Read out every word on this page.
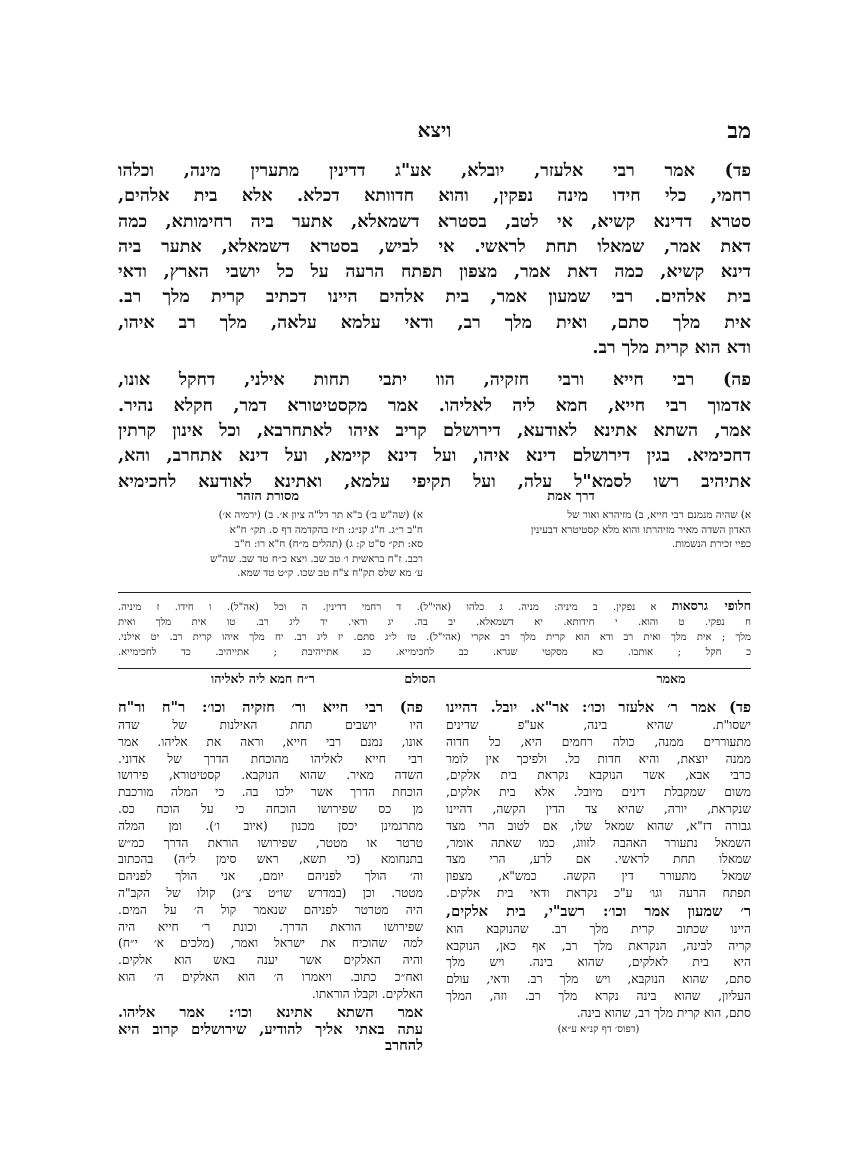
מב
ויצא

פד) אמר רבי אלעזר, יובלא, אע"ג דדינין מתערין מינה, וכלהו

רחמי, כלי חידו מינה נפקין, והוא חדוותא דכלא. אלא בית אלהים,

סטרא דדינא קשיא, אי לטב, בסטרא דשמאלא, אתער ביה רחימותא, כמה

דאת אמר, שמאלו תחת לראשי. אי לביש, בסטרא דשמאלא, אתער ביה

דינא קשיא, כמה דאת אמר, מצפון תפתח הרעה על כל יושבי הארץ, ודאי

בית אלהים. רבי שמעון אמר, בית אלהים היינו דכתיב קרית מלך רב.

אית מלך סתם, ואית מלך רב, ודאי עלמא עלאה, מלך רב איהו,

ודא הוא קרית מלך רב.

פה) רבי חייא ורבי חזקיה, הוו יתבי תחות אילני, דחקל אונו,

אדמוך רבי חייא, חמא ליה לאליהו. אמר מקסטיטורא דמר, חקלא נהיר.

אמר, השתא אתינא לאודעא, דירושלם קריב איהו לאתחרבא, וכל אינון קרתין

דחכימיא. בגין דירושלם דינא איהו, ועל דינא קיימא, ועל דינא אתחרב, והא,

אתיהיב רשו לסמא"ל עלה, ועל תקיפי עלמא, ואתינא לאודעא לחכימיא

דרך אמת

א) שהיה מנמנם רבי חייא, ב) מזיהרא ואור של

האדון השדה מאיר מזיהרתו והוא מלא קסטיטרא דבעינין

כפיי זכירת הנשמות.

מסורת הזהר

א) (שה"ש ב׳) ב"א תר דל"ה ציון א׳. ב) (ירמיה א׳)

ח"ב ר״ג. ח"ג קנ״ג: ת״ז בהקדמה דף ס. תק״ ח"א

סא: תק״ ס"ט ק: ג) (תהלים מ״ח) ח"א רו: ח"ב

רכב. ז"ח בראשית ו׳ טב שב. ויצא כ״ח טד שב. שה"ש

ע׳ מא שלס תק"ח צ"ח טב שכו. ק״ט טד שמא.

חלופי גרסאות א נפקין. ב מיניה: מניה. ג כלהו (אהי"ל). ד רחמי דדינין. ה וכל (אה"ל). ו חידו. ז מיניה.

ח נפקי. ט והוא. י חידותא. יא דשמאלא. יב בה. יג ודאי. יד ליג רב. טו אית מלך ואית

מלך ; אית מלך ואית רב ודא הוא קרית מלך רב אקרי (אהי"ל). טז ל״ג סתם. יז ליג רב. יח מלך איהו קרית רב. יט אילני.

כ חקל ; אותבו. כא מסקטי שגרא. כב לחכימייא. כג אתייהיבת ; אתייהיב. כד לחכימייא.

מאמר
הסולם
ר״ח חמא ליה לאליהו

פד) אמר ר׳ אלעזר וכו׳: אר"א. יובל. דהיינו

ישסו"ת. שהיא בינה, אע"פ שדינים

מתעוררים ממנה, כולה רחמים היא, כל חדוה

ממנה יוצאת, והיא חדות כל. ולפיכך אין לומר

כרבי אבא, אשר הנוקבא נקראת בית אלקים,

משום שמקבלת דינים מיובל. אלא בית אלקים,

שנקראת, יורה, שהיא צד הדין הקשה, דהיינו

גבורה דז"א, שהוא שמאל שלו, אם לטוב הרי מצד

השמאל נתעורר האהבה לזווג, כמו שאתה אומר,

שמאלו תחת לראשי. אם לרע, הרי מצד

שמאל מתעורר דין הקשה. כמש"א, מצפון

תפתח הרעה וגו׳ ע"כ נקראת ודאי בית אלקים.

ר׳ שמעון אמר וכו׳: רשב"י, בית אלקים,

היינו שכתוב קרית מלך רב. שהנוקבא הוא

קריה לבינה, הנקראת מלך רב, אף כאן, הנוקבא

היא בית לאלקים, שהוא בינה. ויש מלך

סתם, שהוא הנוקבא, ויש מלך רב. ודאי, עולם

העליון, שהוא בינה נקרא מלך רב. וזה, המלך

סתם, הוא קרית מלך רב, שהוא בינה.

(דפוס׳ דף קנ״א ע״א)

פה) רבי חייא ור׳ חזקיה וכו׳: ר"ח ור"ח

היו יושבים תחת האילנות של שדה

אונו, נמנם רבי חייא, וראה את אליהו. אמר

רבי חייא לאליהו מהוכחת הדרך של אדוני.

השדה מאיר. שהוא הנוקבא. קסטיטורא, פירושו

הוכחת הדרך אשר ילכו בה. כי המלה מורכבת

מן כס שפירושו הוכחה כי על הוכח כס.

מתרגמינן יכסן מכנון (איוב ו׳). ומן המלה

טרטר או מטטר, שפירושו הוראת הדרך כמ״ש

בתנחומא (כי תשא, ראש סימן ל״ה) בהכתוב

וה׳ הולך לפניהם יומם, אני הולך לפניהם

מטטר. וכן (במדרש שו״ט צ״ג) קולו של הקב"ה

היה מטרטר לפניהם שנאמר קול ה׳ על המים.

שפירושו הוראת הדרך. וכונת ר׳ חייא היה

למה שהוכיח את ישראל ואמר, (מלכים א׳ י״ח)

והיה האלקים אשר יענה באש הוא אלקים.

ואח״כ כתוב. ויאמרו ה׳ הוא האלקים ה׳ הוא

האלקים. וקבלו הוראתו.

אמר השתא אתינא וכו׳: אמר אליהו.

עתה באתי אליך להודיע, שירושלים קרוב היא

להחרב
